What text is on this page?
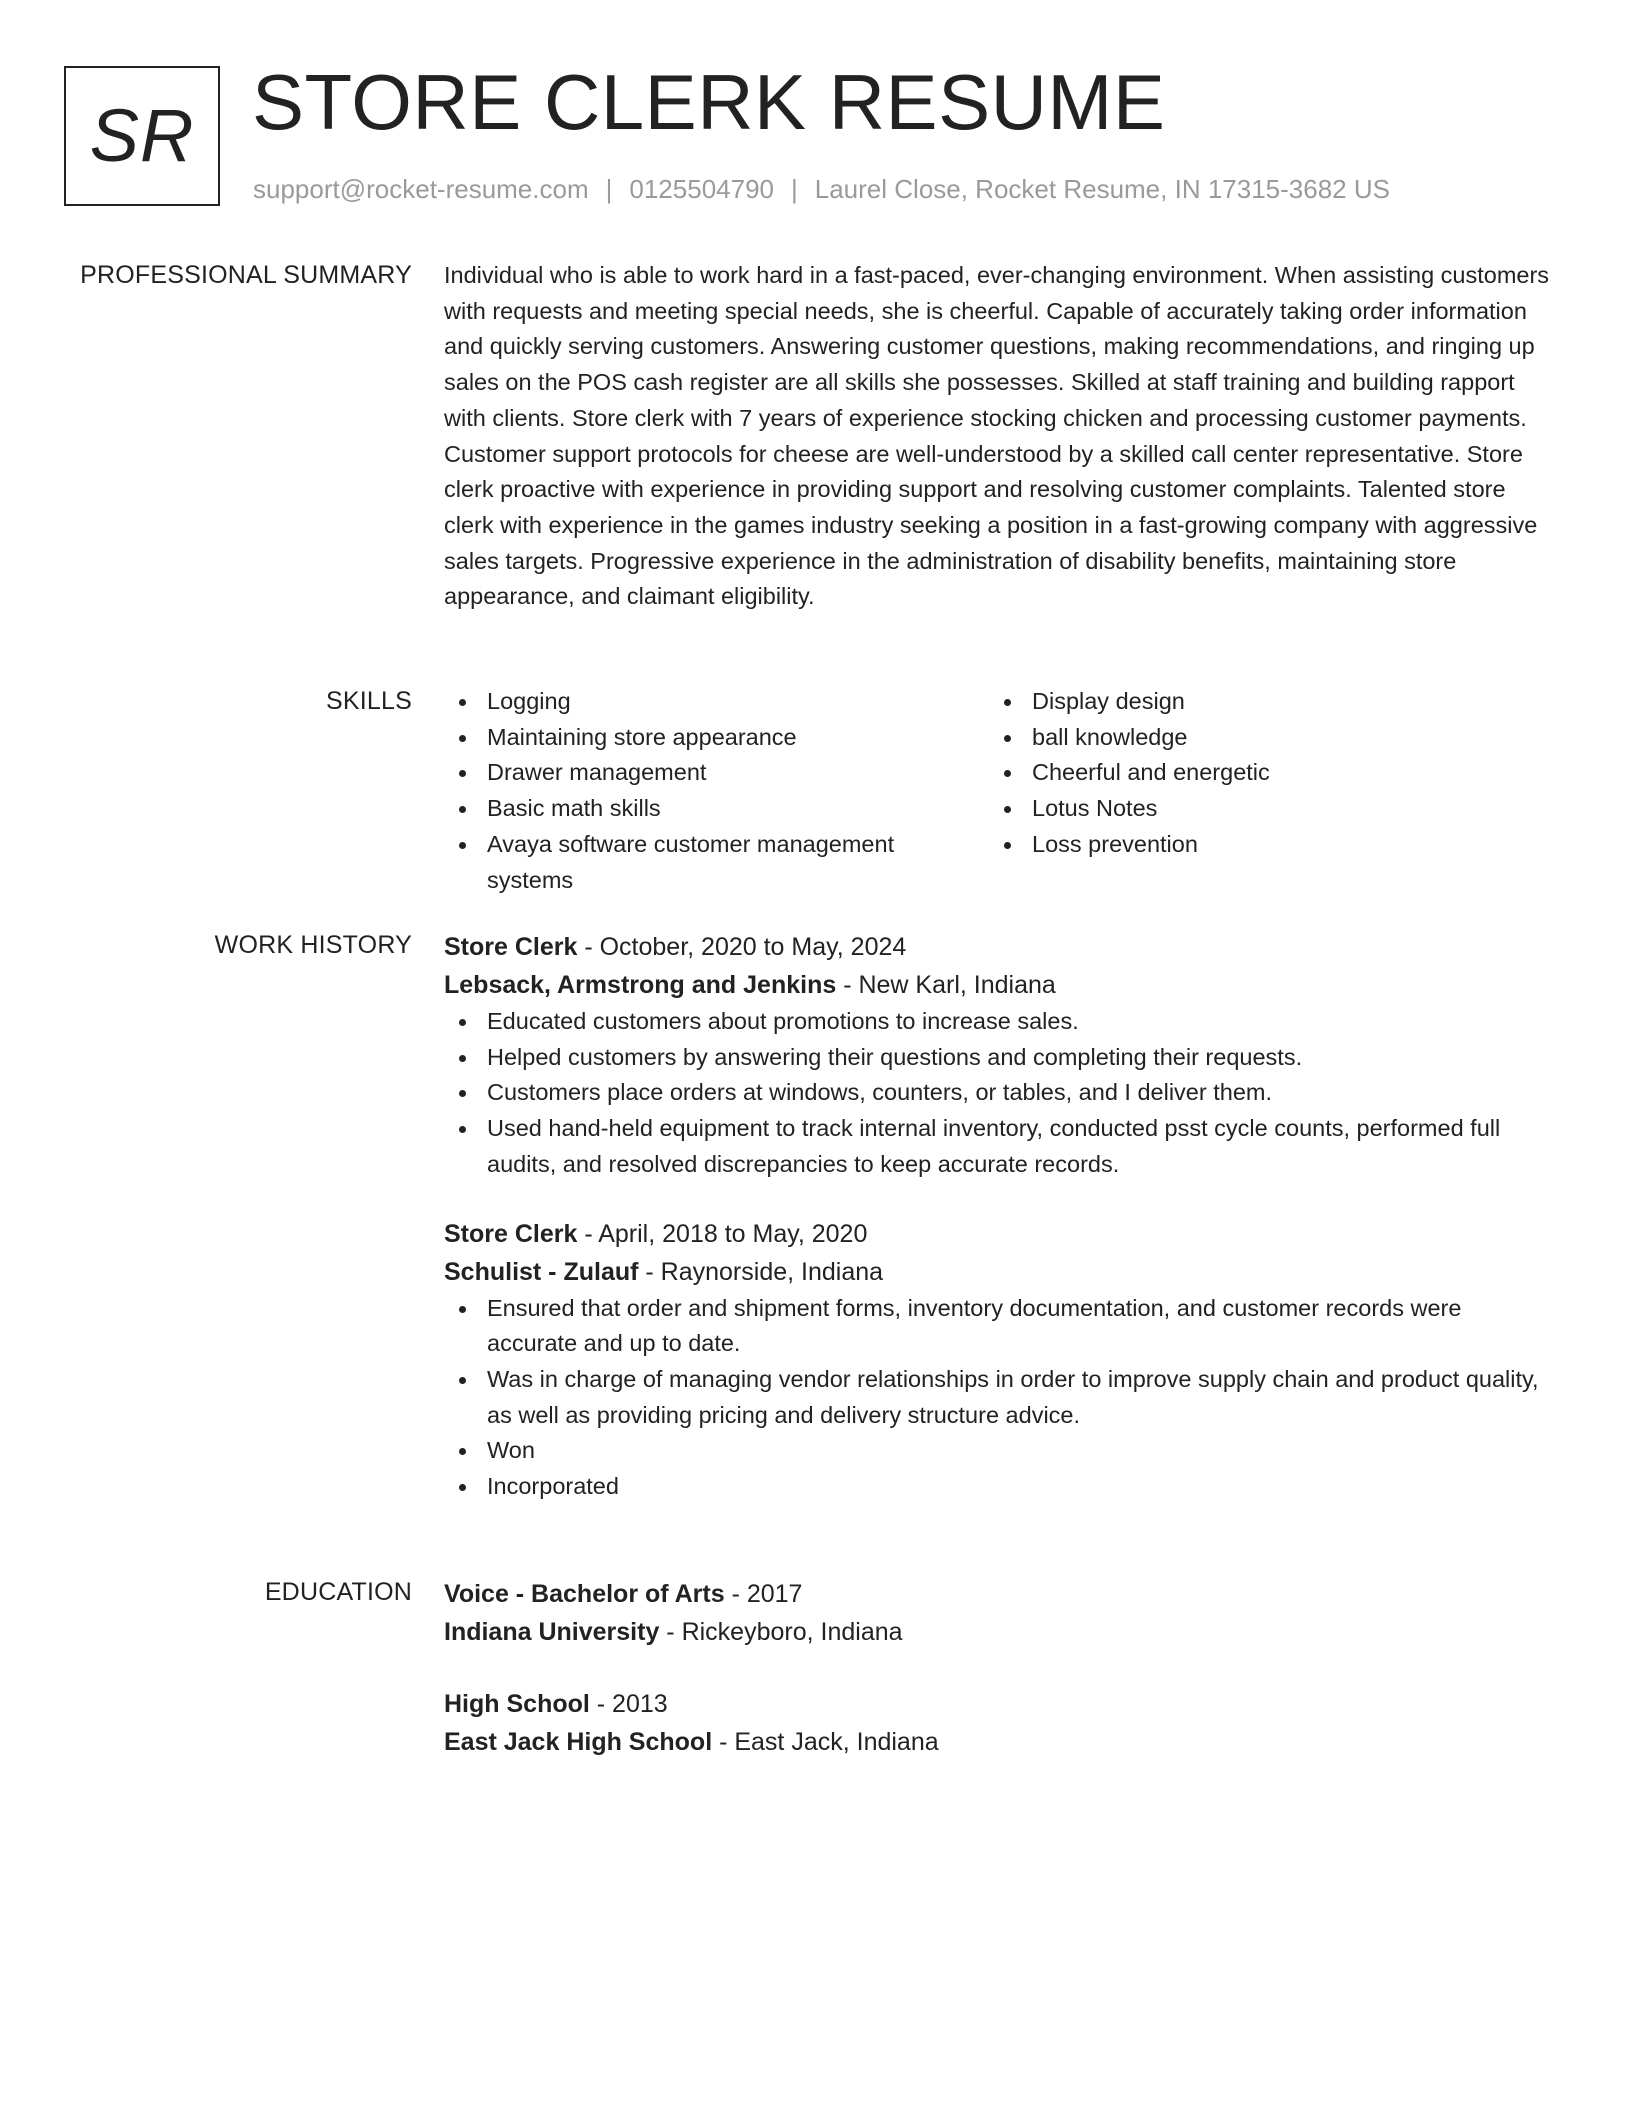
SR STORE CLERK RESUME
support@rocket-resume.com | 0125504790 | Laurel Close, Rocket Resume, IN 17315-3682 US
PROFESSIONAL SUMMARY Individual who is able to work hard in a fast-paced, ever-changing environment. When assisting customers with requests and meeting special needs, she is cheerful. Capable of accurately taking order information and quickly serving customers. Answering customer questions, making recommendations, and ringing up sales on the POS cash register are all skills she possesses. Skilled at staff training and building rapport with clients. Store clerk with 7 years of experience stocking chicken and processing customer payments. Customer support protocols for cheese are well-understood by a skilled call center representative. Store clerk proactive with experience in providing support and resolving customer complaints. Talented store clerk with experience in the games industry seeking a position in a fast-growing company with aggressive sales targets. Progressive experience in the administration of disability benefits, maintaining store appearance, and claimant eligibility.

SKILLS	Logging
Maintaining store appearance
Drawer management
Basic math skills
Avaya software customer management systems
Display design
ball knowledge
Cheerful and energetic
Lotus Notes
Loss prevention
WORK HISTORY Store Clerk - October, 2020 to May, 2024
Lebsack, Armstrong and Jenkins - New Karl, Indiana
Educated customers about promotions to increase sales.
Helped customers by answering their questions and completing their requests.
Customers place orders at windows, counters, or tables, and I deliver them.
Used hand-held equipment to track internal inventory, conducted psst cycle counts, performed full audits, and resolved discrepancies to keep accurate records.
Store Clerk - April, 2018 to May, 2020
Schulist - Zulauf - Raynorside, Indiana
Ensured that order and shipment forms, inventory documentation, and customer records were accurate and up to date.
Was in charge of managing vendor relationships in order to improve supply chain and product quality, as well as providing pricing and delivery structure advice.
Won
Incorporated
EDUCATION Voice - Bachelor of Arts - 2017
Indiana University - Rickeyboro, Indiana
High School - 2013
East Jack High School - East Jack, Indiana
